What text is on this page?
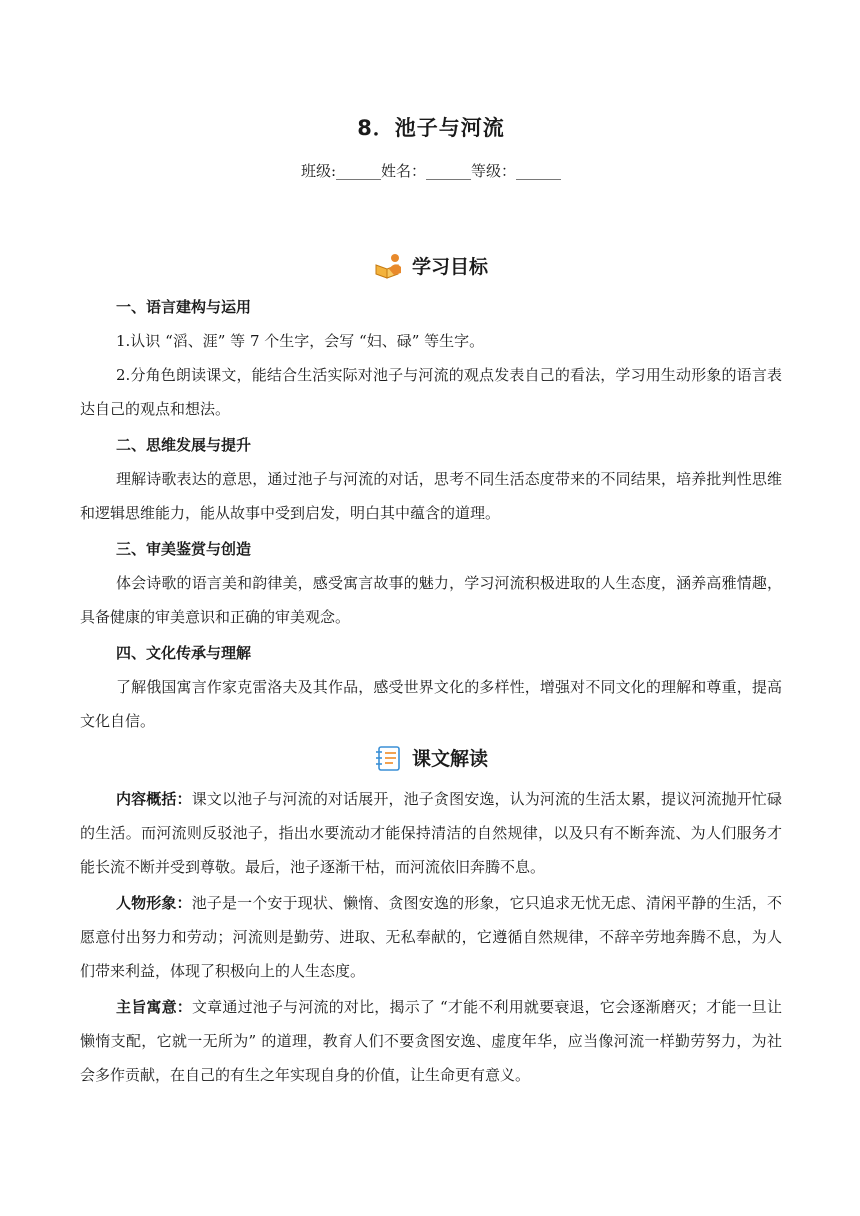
8．池子与河流
班级:______姓名：______等级：______
学习目标
一、语言建构与运用
1.认识 “滔、涯” 等 7 个生字，会写 “妇、碌” 等生字。
2.分角色朗读课文，能结合生活实际对池子与河流的观点发表自己的看法，学习用生动形象的语言表达自己的观点和想法。
二、思维发展与提升
理解诗歌表达的意思，通过池子与河流的对话，思考不同生活态度带来的不同结果，培养批判性思维和逻辑思维能力，能从故事中受到启发，明白其中蕴含的道理。
三、审美鉴赏与创造
体会诗歌的语言美和韵律美，感受寓言故事的魅力，学习河流积极进取的人生态度，涵养高雅情趣，具备健康的审美意识和正确的审美观念。
四、文化传承与理解
了解俄国寓言作家克雷洛夫及其作品，感受世界文化的多样性，增强对不同文化的理解和尊重，提高文化自信。
课文解读
内容概括：课文以池子与河流的对话展开，池子贪图安逸，认为河流的生活太累，提议河流抛开忙碌的生活。而河流则反驳池子，指出水要流动才能保持清洁的自然规律，以及只有不断奔流、为人们服务才能长流不断并受到尊敬。最后，池子逐渐干枯，而河流依旧奔腾不息。
人物形象：池子是一个安于现状、懒惰、贪图安逸的形象，它只追求无忧无虑、清闲平静的生活，不愿意付出努力和劳动；河流则是勤劳、进取、无私奉献的，它遵循自然规律，不辞辛劳地奔腾不息，为人们带来利益，体现了积极向上的人生态度。
主旨寓意：文章通过池子与河流的对比，揭示了 “才能不利用就要衰退，它会逐渐磨灭；才能一旦让懒惰支配，它就一无所为” 的道理，教育人们不要贪图安逸、虚度年华，应当像河流一样勤劳努力，为社会多作贡献，在自己的有生之年实现自身的价值，让生命更有意义。
